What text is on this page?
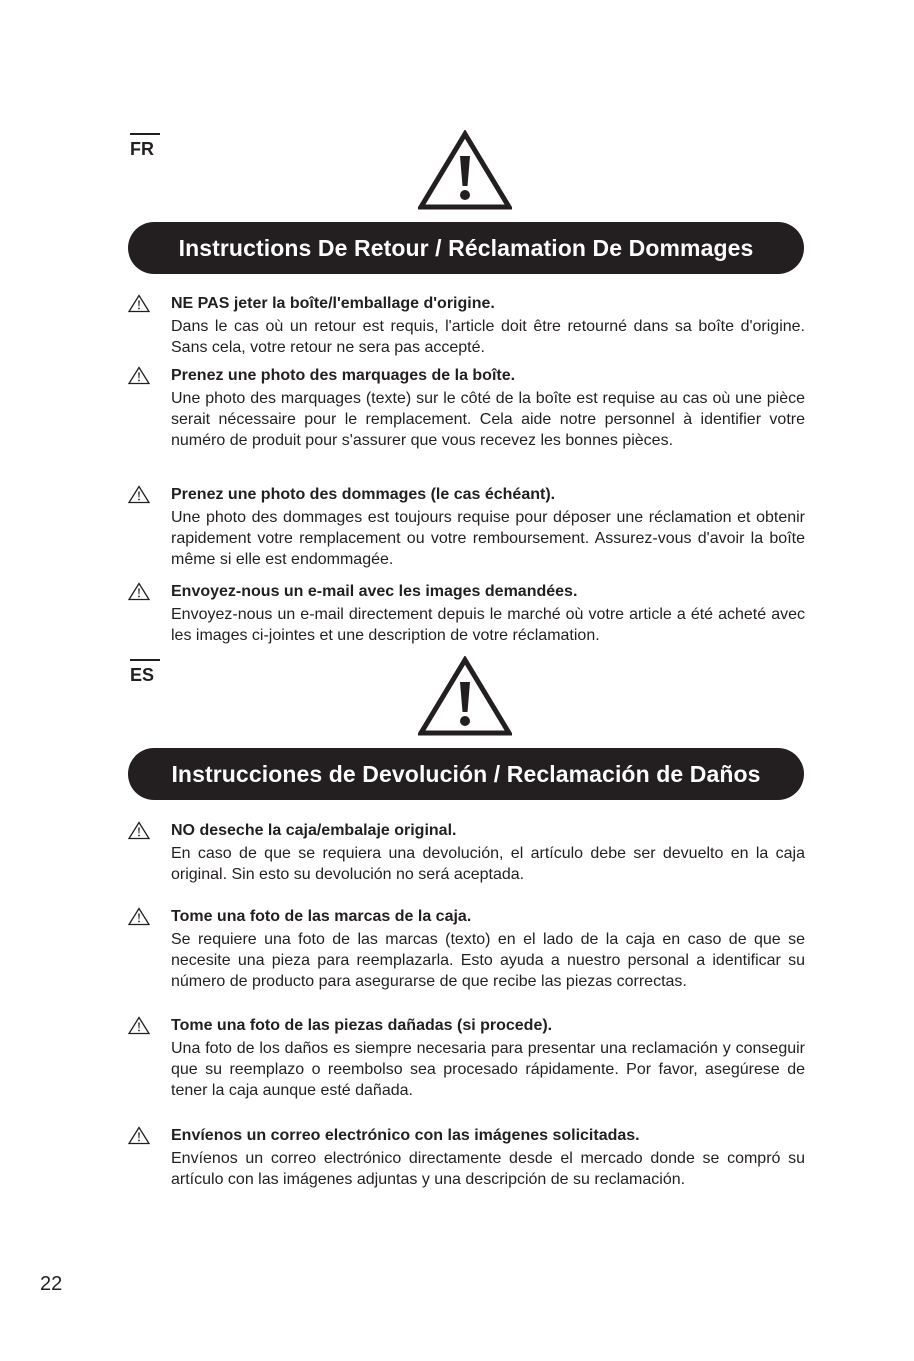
FR
Instructions De Retour / Réclamation De Dommages
NE PAS jeter la boîte/l'emballage d'origine.
Dans le cas où un retour est requis, l'article doit être retourné dans sa boîte d'origine. Sans cela, votre retour ne sera pas accepté.
Prenez une photo des marquages de la boîte.
Une photo des marquages (texte) sur le côté de la boîte est requise au cas où une pièce serait nécessaire pour le remplacement. Cela aide notre personnel à identifier votre numéro de produit pour s'assurer que vous recevez les bonnes pièces.
Prenez une photo des dommages (le cas échéant).
Une photo des dommages est toujours requise pour déposer une réclamation et obtenir rapidement votre remplacement ou votre remboursement. Assurez-vous d'avoir la boîte même si elle est endommagée.
Envoyez-nous un e-mail avec les images demandées.
Envoyez-nous un e-mail directement depuis le marché où votre article a été acheté avec les images ci-jointes et une description de votre réclamation.
ES
Instrucciones de Devolución / Reclamación de Daños
NO deseche la caja/embalaje original.
En caso de que se requiera una devolución, el artículo debe ser devuelto en la caja original. Sin esto su devolución no será aceptada.
Tome una foto de las marcas de la caja.
Se requiere una foto de las marcas (texto) en el lado de la caja en caso de que se necesite una pieza para reemplazarla. Esto ayuda a nuestro personal a identificar su número de producto para asegurarse de que recibe las piezas correctas.
Tome una foto de las piezas dañadas (si procede).
Una foto de los daños es siempre necesaria para presentar una reclamación y conseguir que su reemplazo o reembolso sea procesado rápidamente. Por favor, asegúrese de tener la caja aunque esté dañada.
Envíenos un correo electrónico con las imágenes solicitadas.
Envíenos un correo electrónico directamente desde el mercado donde se compró su artículo con las imágenes adjuntas y una descripción de su reclamación.
22
